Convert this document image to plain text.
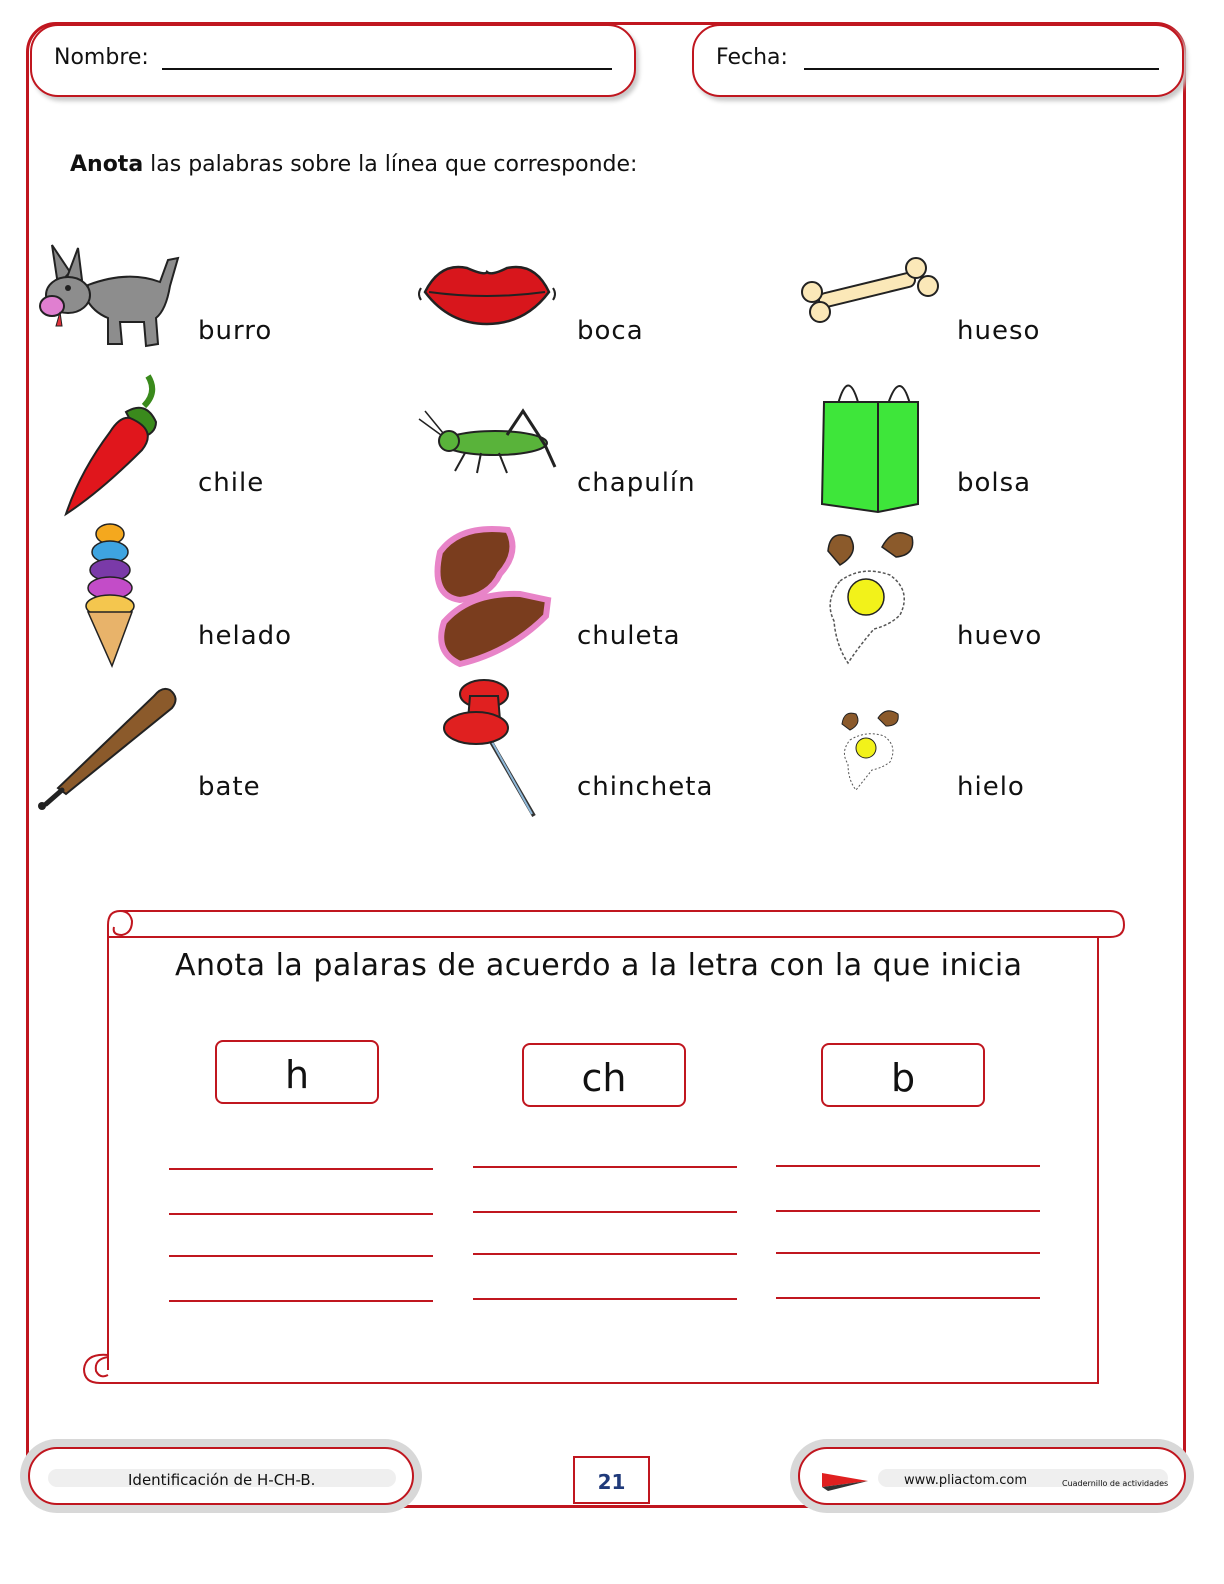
Nombre:	Fecha:
Anota las palabras sobre la línea que corresponde:
burro	boca	hueso
chile	chapulín	bolsa
helado	chuleta	huevo
bate	chincheta	hielo
Anota la palaras de acuerdo a la letra con la que inicia
h	ch	b
Identificación de H-CH-B.	21	www.pliactom.com	Cuadernillo de actividades
